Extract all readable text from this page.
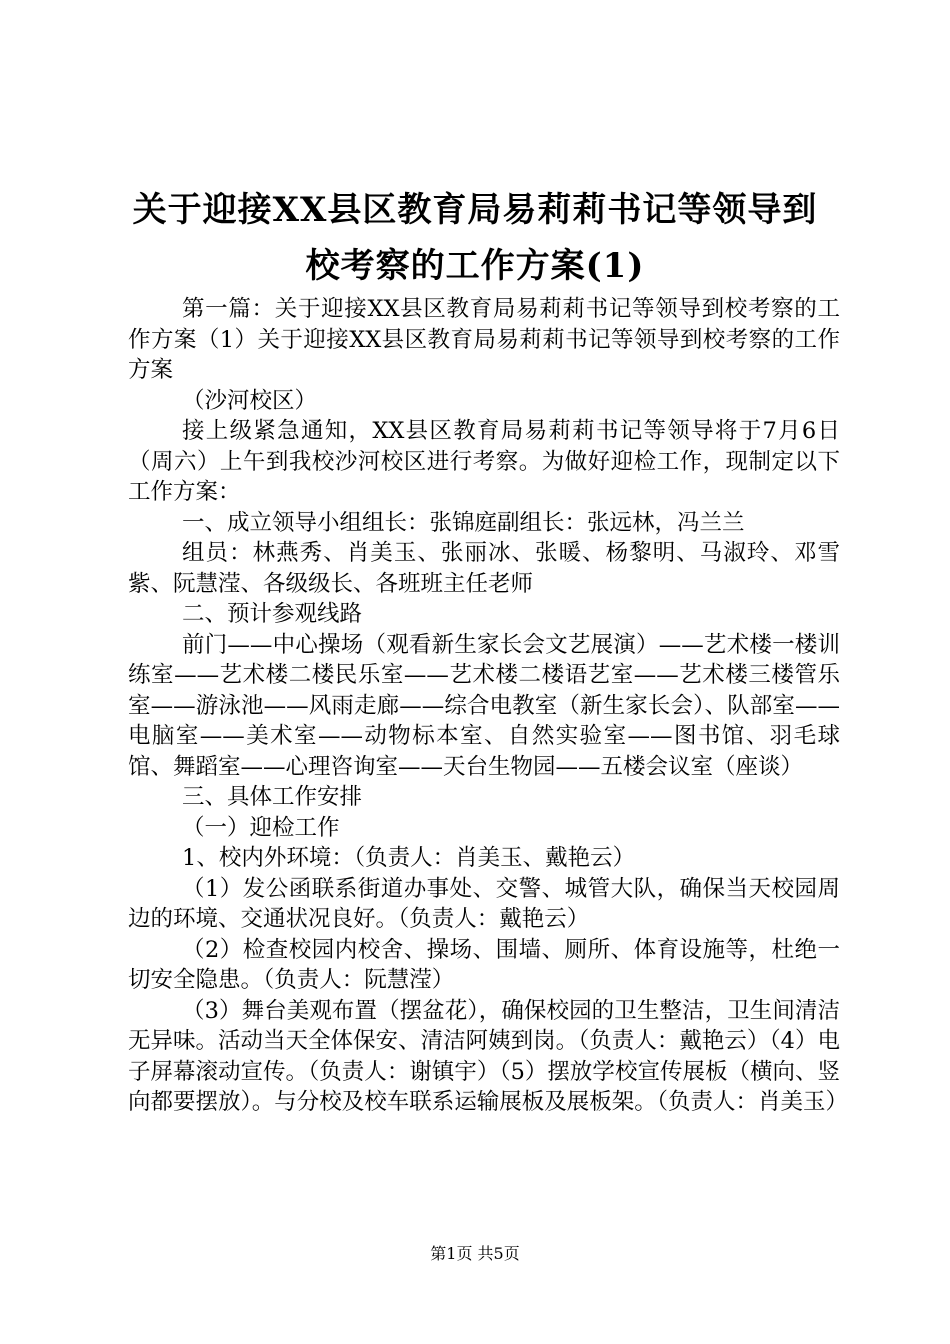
关于迎接XX县区教育局易莉莉书记等领导到
校考察的工作方案(1)

第一篇：关于迎接XX县区教育局易莉莉书记等领导到校考察的工作方案（1）关于迎接XX县区教育局易莉莉书记等领导到校考察的工作方案

（沙河校区）

接上级紧急通知，XX县区教育局易莉莉书记等领导将于7月6日（周六）上午到我校沙河校区进行考察。为做好迎检工作，现制定以下工作方案：

一、成立领导小组组长：张锦庭副组长：张远林，冯兰兰

组员：林燕秀、肖美玉、张丽冰、张暖、杨黎明、马淑玲、邓雪紫、阮慧滢、各级级长、各班班主任老师

二、预计参观线路

前门——中心操场（观看新生家长会文艺展演）——艺术楼一楼训练室——艺术楼二楼民乐室——艺术楼二楼语艺室——艺术楼三楼管乐室——游泳池——风雨走廊——综合电教室（新生家长会）、队部室——电脑室——美术室——动物标本室、自然实验室——图书馆、羽毛球馆、舞蹈室——心理咨询室——天台生物园——五楼会议室（座谈）

三、具体工作安排

（一）迎检工作

1、校内外环境：（负责人：肖美玉、戴艳云）

（1）发公函联系街道办事处、交警、城管大队，确保当天校园周边的环境、交通状况良好。（负责人：戴艳云）

（2）检查校园内校舍、操场、围墙、厕所、体育设施等，杜绝一切安全隐患。（负责人：阮慧滢）

（3）舞台美观布置（摆盆花），确保校园的卫生整洁，卫生间清洁无异味。活动当天全体保安、清洁阿姨到岗。（负责人：戴艳云）（4）电子屏幕滚动宣传。（负责人：谢镇宇）（5）摆放学校宣传展板（横向、竖向都要摆放）。与分校及校车联系运输展板及展板架。（负责人：肖美玉）

第1页 共5页
